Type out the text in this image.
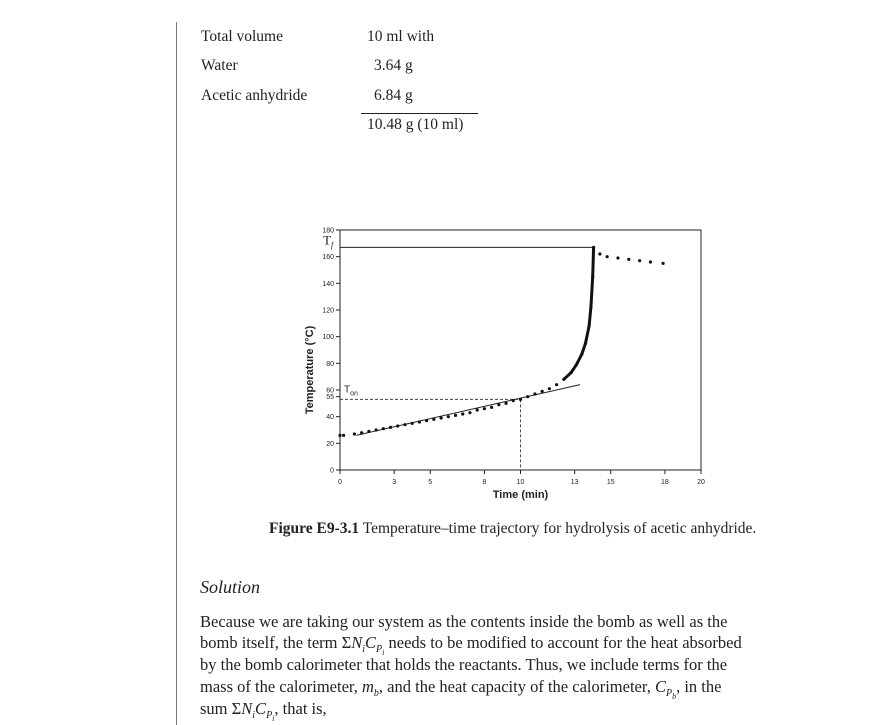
Total volume	10 ml with
Water	3.64 g
Acetic anhydride	6.84 g
10.48 g (10 ml)
0
20
40
55
60
80
100
120
140
160
180
0	3	5	8	10	13	15	18	20
$T_{on}$
$T_f$
Time (min)
Temperature (°C)
Figure E9-3.1 Temperature–time trajectory for hydrolysis of acetic anhydride.
Solution
Because we are taking our system as the contents inside the bomb as well as the
bomb itself, the term $\Sigma N_iC_{P_i}$ needs to be modified to account for the heat absorbed
by the bomb calorimeter that holds the reactants. Thus, we include terms for the
mass of the calorimeter, $m_b$, and the heat capacity of the calorimeter, $C_{P_b}$, in the
sum $\Sigma N_iC_{P_i}$, that is,
